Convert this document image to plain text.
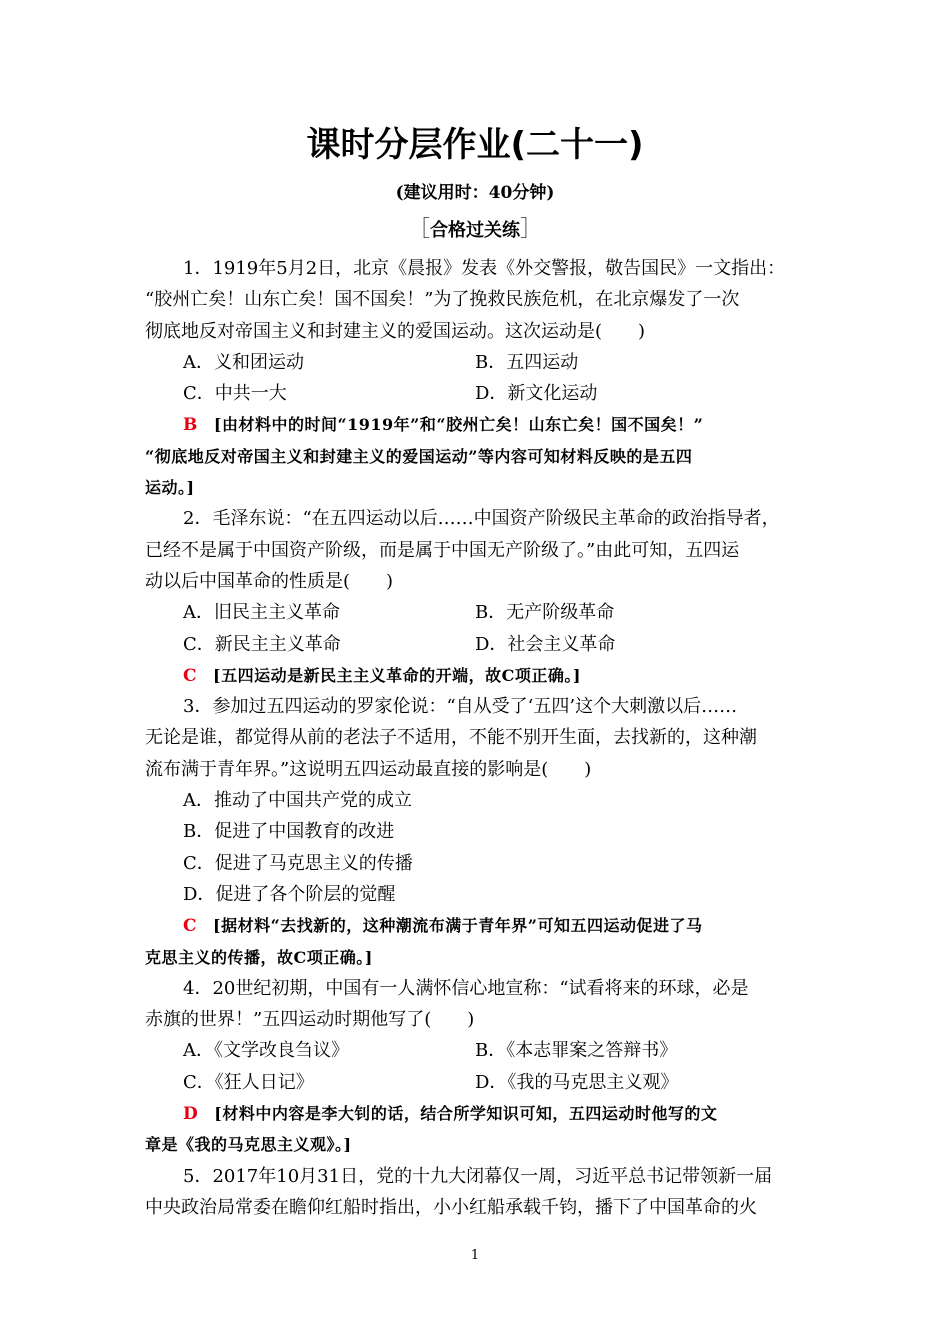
课时分层作业(二十一)
(建议用时：40分钟)
［合格过关练］
1．1919年5月2日，北京《晨报》发表《外交警报，敬告国民》一文指出：
“胶州亡矣！山东亡矣！国不国矣！”为了挽救民族危机，在北京爆发了一次
彻底地反对帝国主义和封建主义的爱国运动。这次运动是(　　)
A．义和团运动	B．五四运动
C．中共一大	D．新文化运动
B [由材料中的时间“1919年”和“胶州亡矣！山东亡矣！国不国矣！”
“彻底地反对帝国主义和封建主义的爱国运动”等内容可知材料反映的是五四
运动。]
2．毛泽东说：“在五四运动以后……中国资产阶级民主革命的政治指导者，
已经不是属于中国资产阶级，而是属于中国无产阶级了。”由此可知，五四运
动以后中国革命的性质是(　　)
A．旧民主主义革命	B．无产阶级革命
C．新民主主义革命	D．社会主义革命
C [五四运动是新民主主义革命的开端，故C项正确。]
3．参加过五四运动的罗家伦说：“自从受了‘五四’这个大刺激以后……
无论是谁，都觉得从前的老法子不适用，不能不别开生面，去找新的，这种潮
流布满于青年界。”这说明五四运动最直接的影响是(　　)
A．推动了中国共产党的成立
B．促进了中国教育的改进
C．促进了马克思主义的传播
D．促进了各个阶层的觉醒
C [据材料“去找新的，这种潮流布满于青年界”可知五四运动促进了马
克思主义的传播，故C项正确。]
4．20世纪初期，中国有一人满怀信心地宣称：“试看将来的环球，必是
赤旗的世界！”五四运动时期他写了(　　)
A．《文学改良刍议》	B．《本志罪案之答辩书》
C．《狂人日记》	D．《我的马克思主义观》
D [材料中内容是李大钊的话，结合所学知识可知，五四运动时他写的文
章是《我的马克思主义观》。]
5．2017年10月31日，党的十九大闭幕仅一周，习近平总书记带领新一届
中央政治局常委在瞻仰红船时指出，小小红船承载千钧，播下了中国革命的火
1
